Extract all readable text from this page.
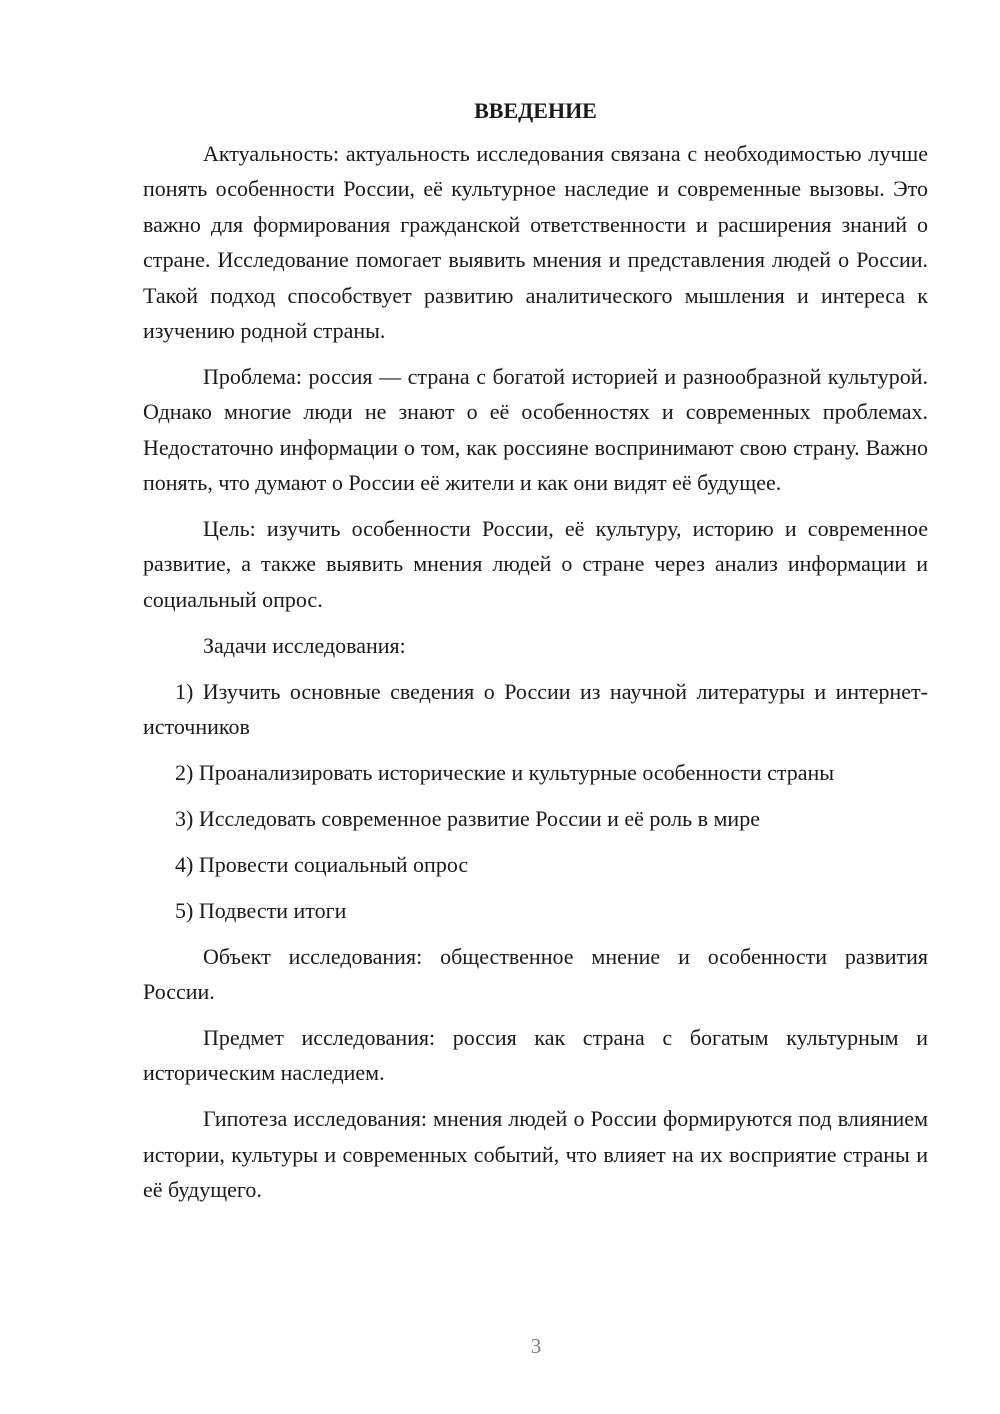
ВВЕДЕНИЕ

Актуальность: актуальность исследования связана с необходимостью лучше понять особенности России, её культурное наследие и современные вызовы. Это важно для формирования гражданской ответственности и расширения знаний о стране. Исследование помогает выявить мнения и представления людей о России. Такой подход способствует развитию аналитического мышления и интереса к изучению родной страны.

Проблема: россия — страна с богатой историей и разнообразной культурой. Однако многие люди не знают о её особенностях и современных проблемах. Недостаточно информации о том, как россияне воспринимают свою страну. Важно понять, что думают о России её жители и как они видят её будущее.

Цель: изучить особенности России, её культуру, историю и современное развитие, а также выявить мнения людей о стране через анализ информации и социальный опрос.

Задачи исследования:

1) Изучить основные сведения о России из научной литературы и интернет-источников

2) Проанализировать исторические и культурные особенности страны

3) Исследовать современное развитие России и её роль в мире

4) Провести социальный опрос

5) Подвести итоги

Объект исследования: общественное мнение и особенности развития России.

Предмет исследования: россия как страна с богатым культурным и историческим наследием.

Гипотеза исследования: мнения людей о России формируются под влиянием истории, культуры и современных событий, что влияет на их восприятие страны и её будущего.

3
